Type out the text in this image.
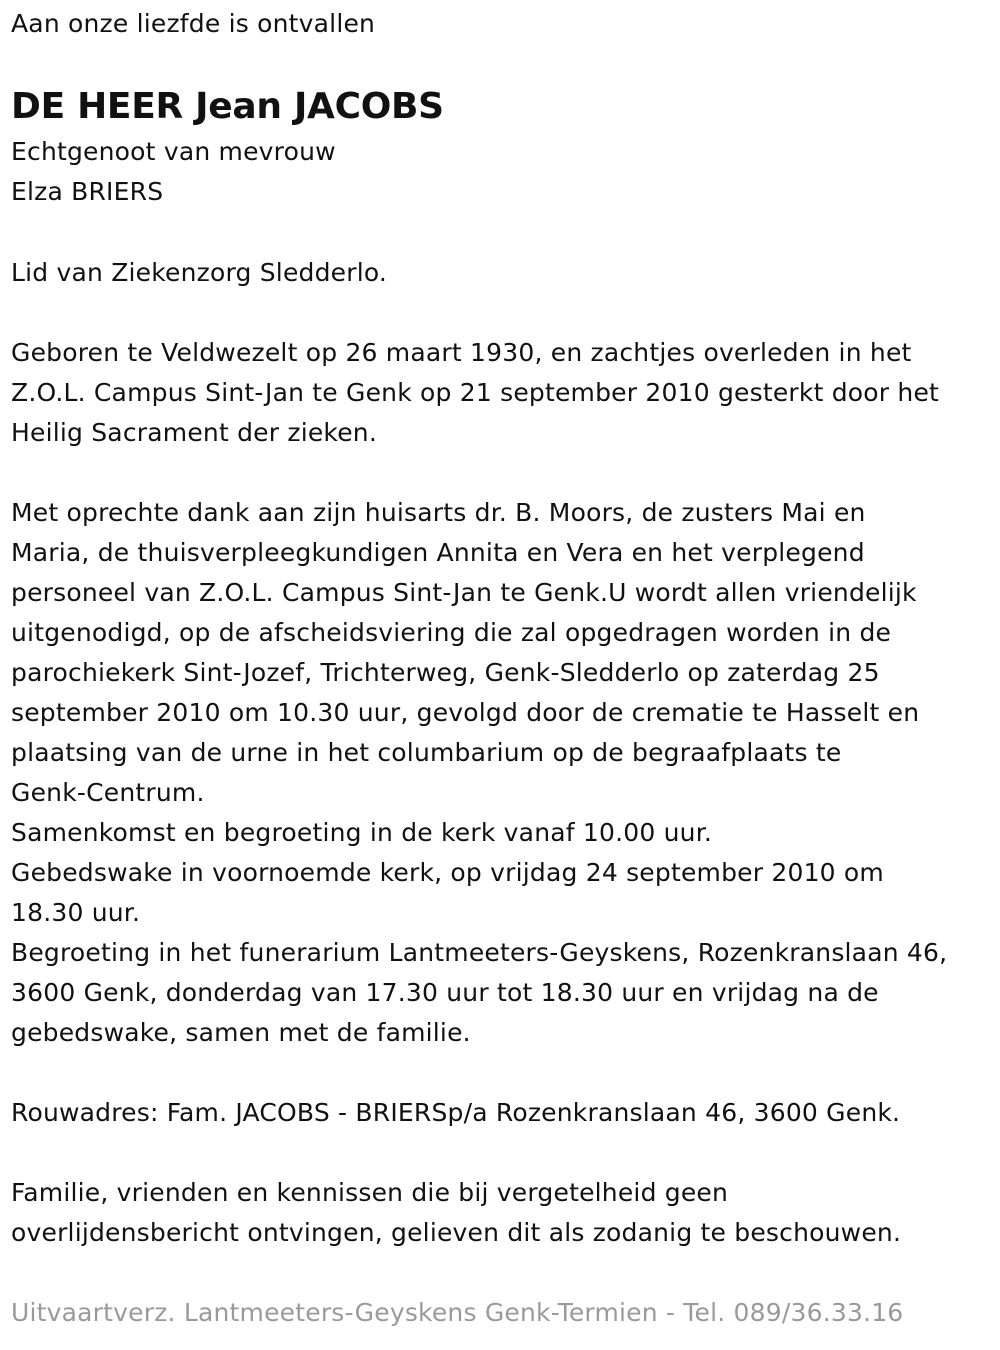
Aan onze liezfde is ontvallen
DE HEER Jean JACOBS
Echtgenoot van mevrouw
Elza BRIERS
Lid van Ziekenzorg Sledderlo.
Geboren te Veldwezelt op 26 maart 1930, en zachtjes overleden in het
Z.O.L. Campus Sint-Jan te Genk op 21 september 2010 gesterkt door het
Heilig Sacrament der zieken.
Met oprechte dank aan zijn huisarts dr. B. Moors, de zusters Mai en
Maria, de thuisverpleegkundigen Annita en Vera en het verplegend
personeel van Z.O.L. Campus Sint-Jan te Genk.U wordt allen vriendelijk
uitgenodigd, op de afscheidsviering die zal opgedragen worden in de
parochiekerk Sint-Jozef, Trichterweg, Genk-Sledderlo op zaterdag 25
september 2010 om 10.30 uur, gevolgd door de crematie te Hasselt en
plaatsing van de urne in het columbarium op de begraafplaats te
Genk-Centrum.
Samenkomst en begroeting in de kerk vanaf 10.00 uur.
Gebedswake in voornoemde kerk, op vrijdag 24 september 2010 om
18.30 uur.
Begroeting in het funerarium Lantmeeters-Geyskens, Rozenkranslaan 46,
3600 Genk, donderdag van 17.30 uur tot 18.30 uur en vrijdag na de
gebedswake, samen met de familie.
Rouwadres: Fam. JACOBS - BRIERSp/a Rozenkranslaan 46, 3600 Genk.
Familie, vrienden en kennissen die bij vergetelheid geen
overlijdensbericht ontvingen, gelieven dit als zodanig te beschouwen.
Uitvaartverz. Lantmeeters-Geyskens Genk-Termien - Tel. 089/36.33.16
